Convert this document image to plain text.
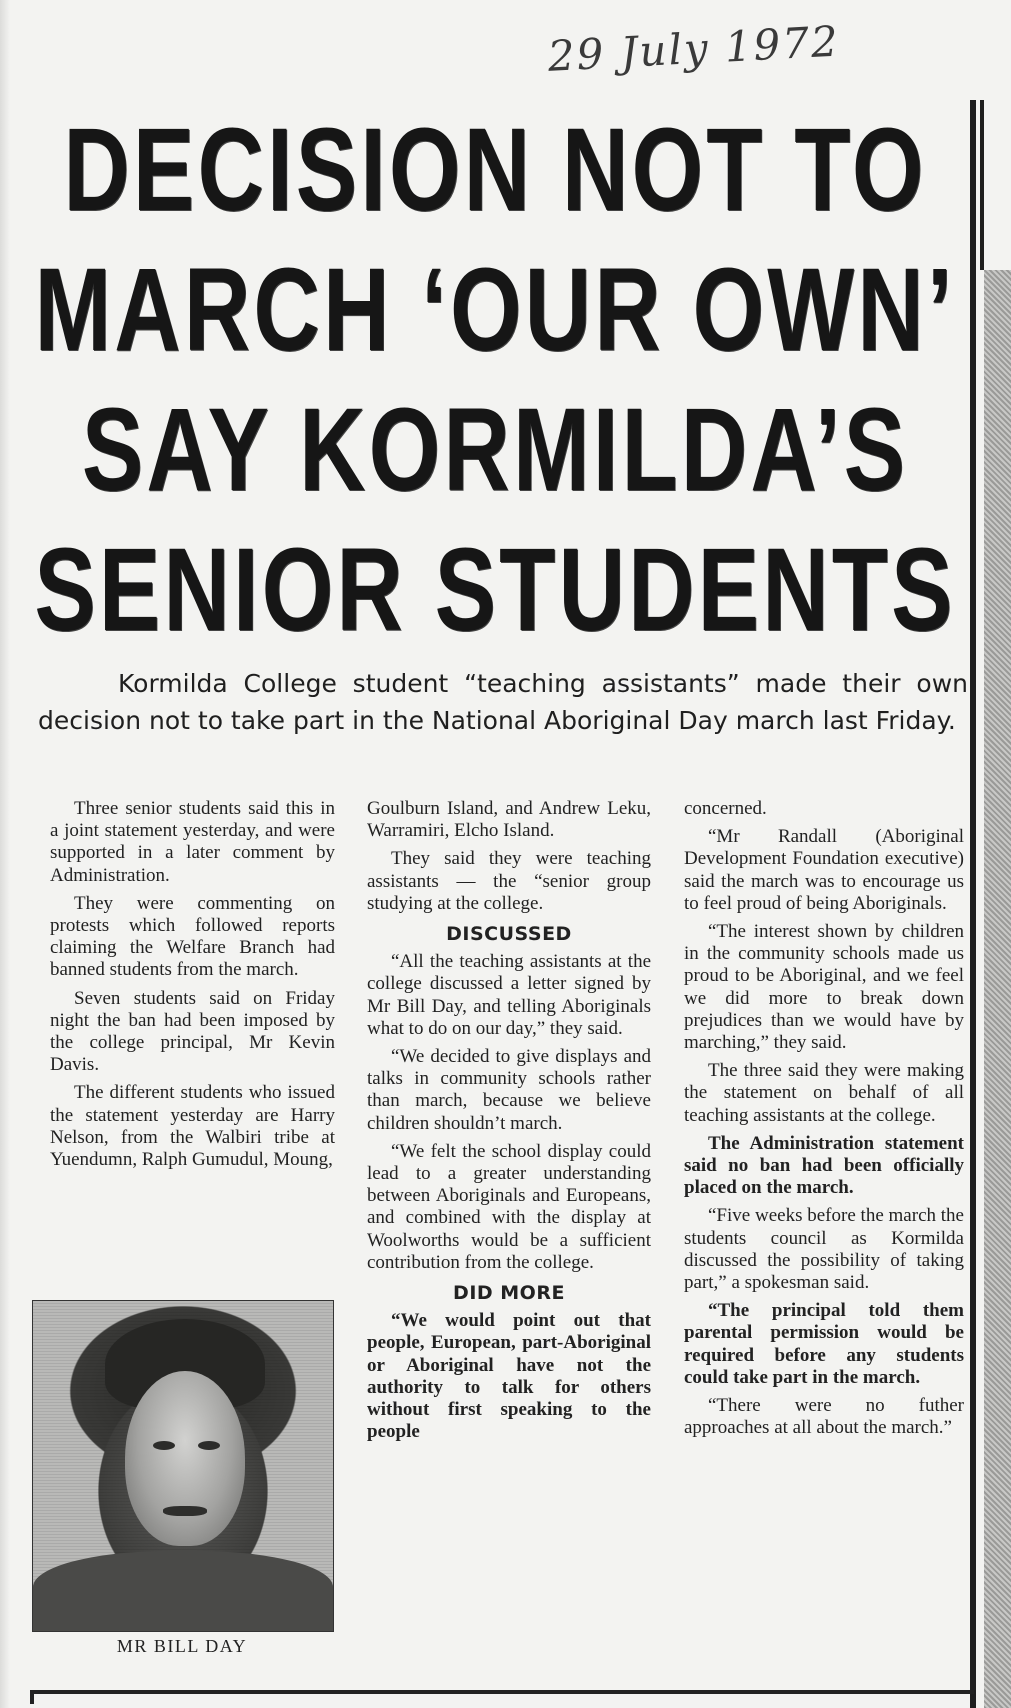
29 July 1972
DECISION NOT TO
MARCH ‘OUR OWN’
SAY KORMILDA’S
SENIOR STUDENTS

Kormilda College student “teaching assistants” made their own decision not to take part in the National Aboriginal Day march last Friday.

Three senior students said this in a joint statement yesterday, and were supported in a later comment by Administration.

They were commenting on protests which followed reports claiming the Welfare Branch had banned students from the march.

Seven students said on Friday night the ban had been imposed by the college principal, Mr Kevin Davis.

The different students who issued the statement yesterday are Harry Nelson, from the Walbiri tribe at Yuendumn, Ralph Gumudul, Moung,

MR BILL DAY

Goulburn Island, and Andrew Leku, Warramiri, Elcho Island.

They said they were teaching assistants — the “senior group studying at the college.

DISCUSSED

“All the teaching assistants at the college discussed a letter signed by Mr Bill Day, and telling Aboriginals what to do on our day,” they said.

“We decided to give displays and talks in community schools rather than march, because we believe children shouldn’t march.

“We felt the school display could lead to a greater understanding between Aboriginals and Europeans, and combined with the display at Woolworths would be a sufficient contribution from the college.

DID MORE

“We would point out that people, European, part-Aboriginal or Aboriginal have not the authority to talk for others without first speaking to the people

concerned.

“Mr Randall (Aboriginal Development Foundation executive) said the march was to encourage us to feel proud of being Aboriginals.

“The interest shown by children in the community schools made us proud to be Aboriginal, and we feel we did more to break down prejudices than we would have by marching,” they said.

The three said they were making the statement on behalf of all teaching assistants at the college.

The Administration statement said no ban had been officially placed on the march.

“Five weeks before the march the students council as Kormilda discussed the possibility of taking part,” a spokesman said.

“The principal told them parental permission would be required before any students could take part in the march.

“There were no futher approaches at all about the march.”
